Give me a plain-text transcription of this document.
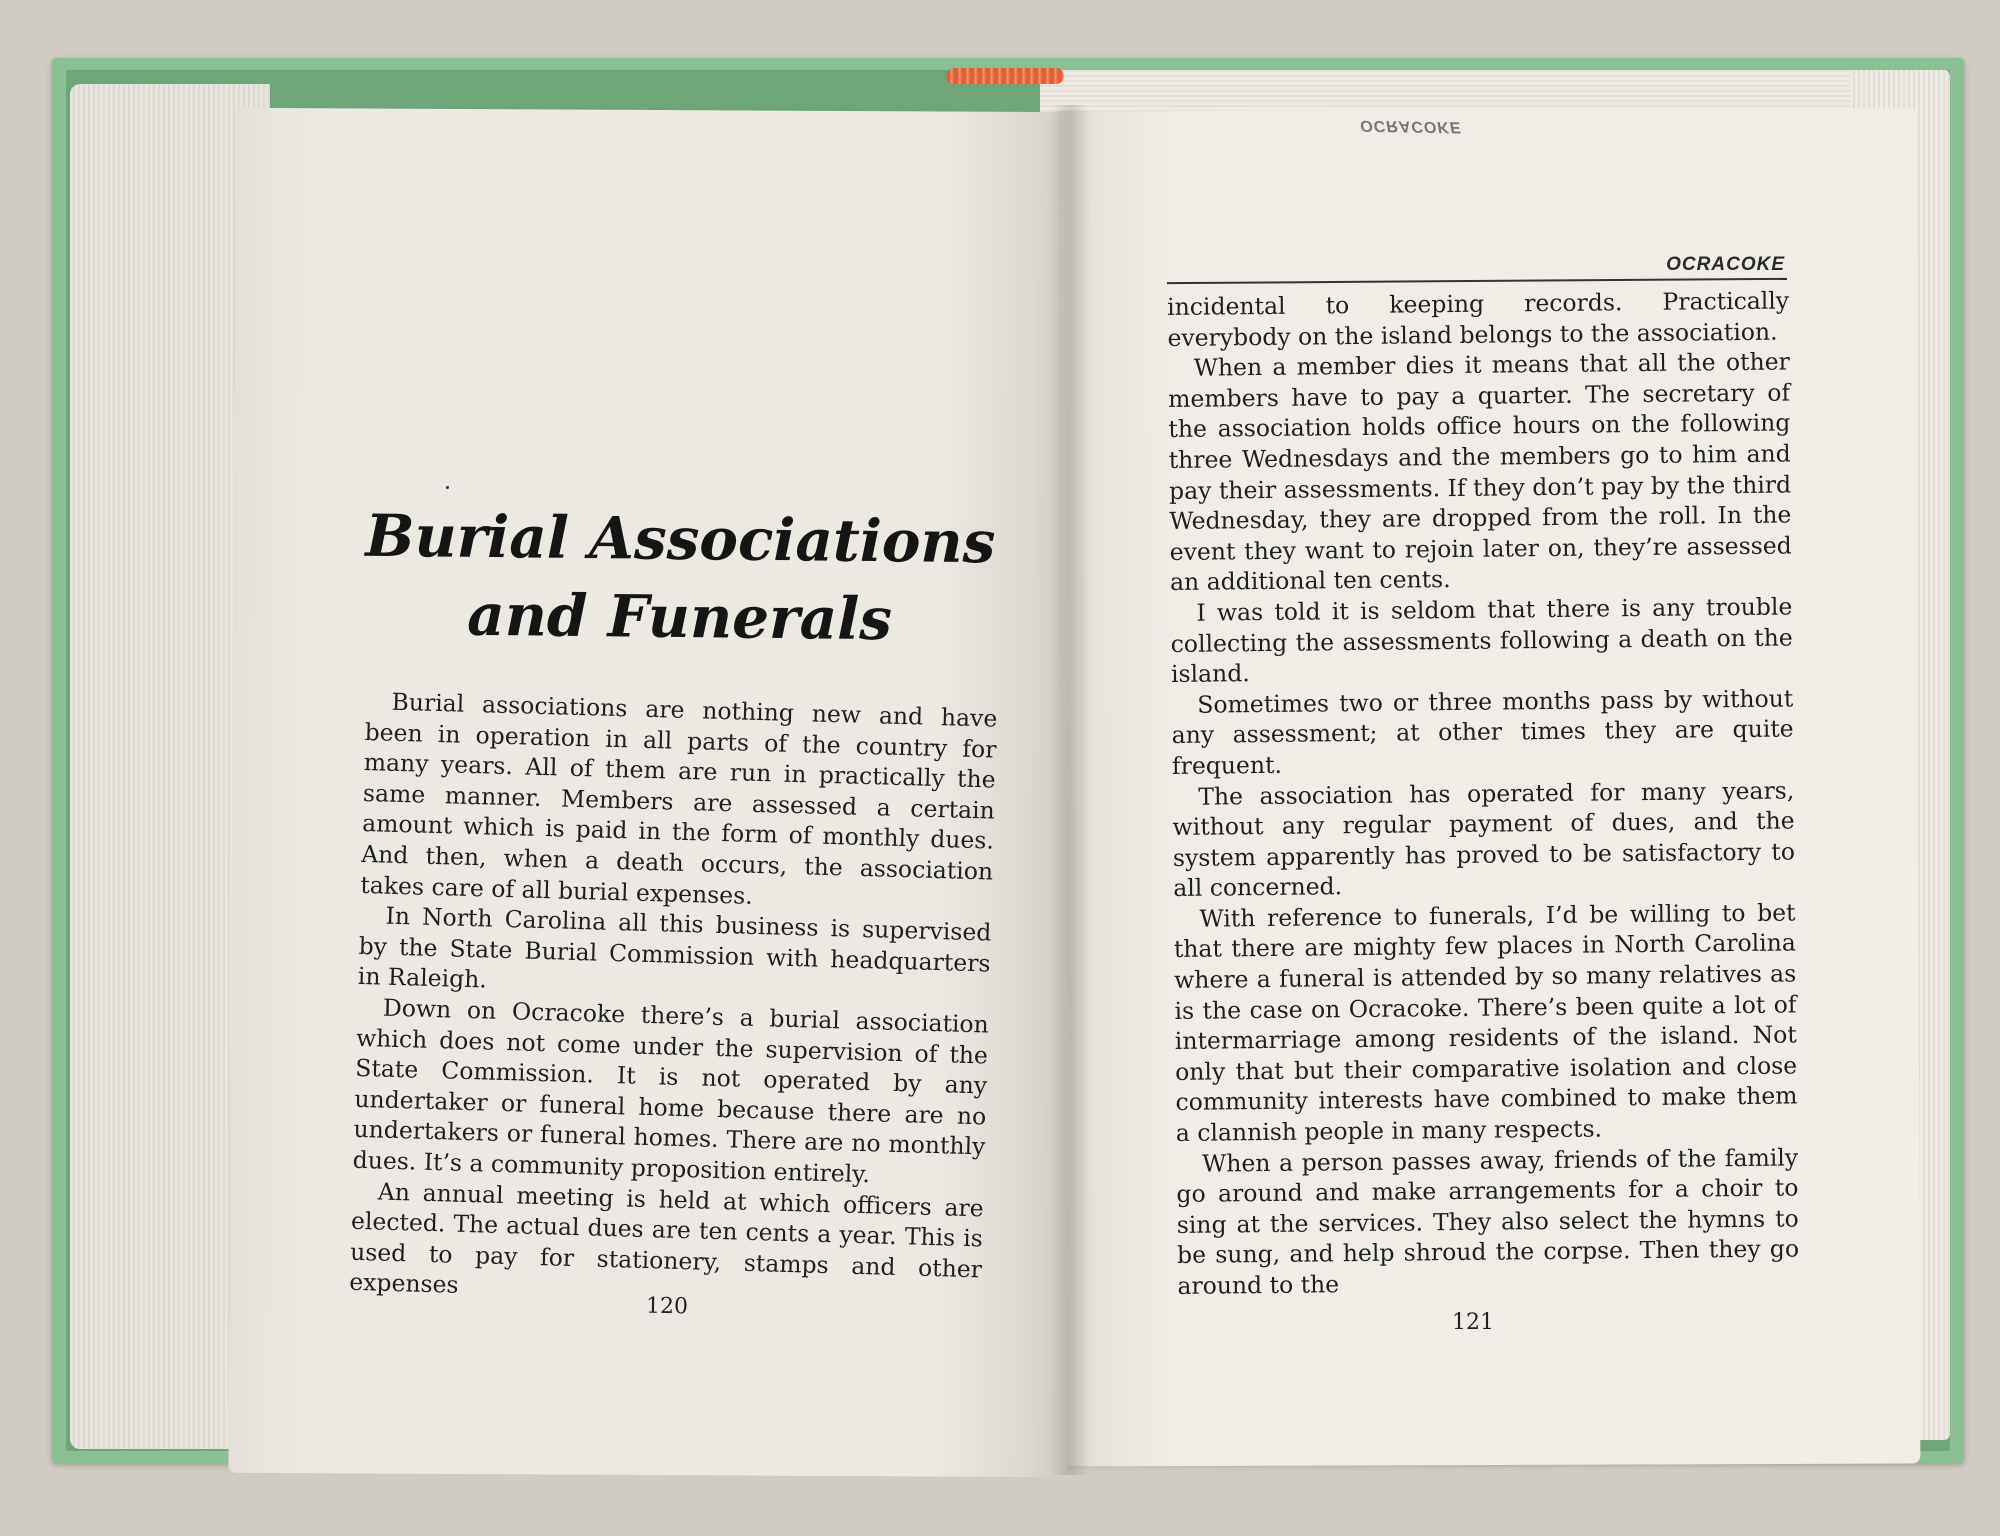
OCRACOKE
Burial Associations and Funerals

Burial associations are nothing new and have been in operation in all parts of the country for many years. All of them are run in practically the same manner. Members are assessed a certain amount which is paid in the form of monthly dues. And then, when a death occurs, the association takes care of all burial expenses.

In North Carolina all this business is supervised by the State Burial Commission with headquarters in Raleigh.

Down on Ocracoke there’s a burial association which does not come under the supervision of the State Commission. It is not operated by any undertaker or funeral home because there are no undertakers or funeral homes. There are no monthly dues. It’s a community proposition entirely.

An annual meeting is held at which officers are elected. The actual dues are ten cents a year. This is used to pay for stationery, stamps and other expenses

120
OCRACOKE

incidental to keeping records. Practically everybody on the island belongs to the association.

When a member dies it means that all the other members have to pay a quarter. The secretary of the association holds office hours on the following three Wednesdays and the members go to him and pay their assessments. If they don’t pay by the third Wednesday, they are dropped from the roll. In the event they want to rejoin later on, they’re assessed an additional ten cents.

I was told it is seldom that there is any trouble collecting the assessments following a death on the island.

Sometimes two or three months pass by without any assessment; at other times they are quite frequent.

The association has operated for many years, without any regular payment of dues, and the system apparently has proved to be satisfactory to all concerned.

With reference to funerals, I’d be willing to bet that there are mighty few places in North Carolina where a funeral is attended by so many relatives as is the case on Ocracoke. There’s been quite a lot of intermarriage among residents of the island. Not only that but their comparative isolation and close community interests have combined to make them a clannish people in many respects.

When a person passes away, friends of the family go around and make arrangements for a choir to sing at the services. They also select the hymns to be sung, and help shroud the corpse. Then they go around to the

121
